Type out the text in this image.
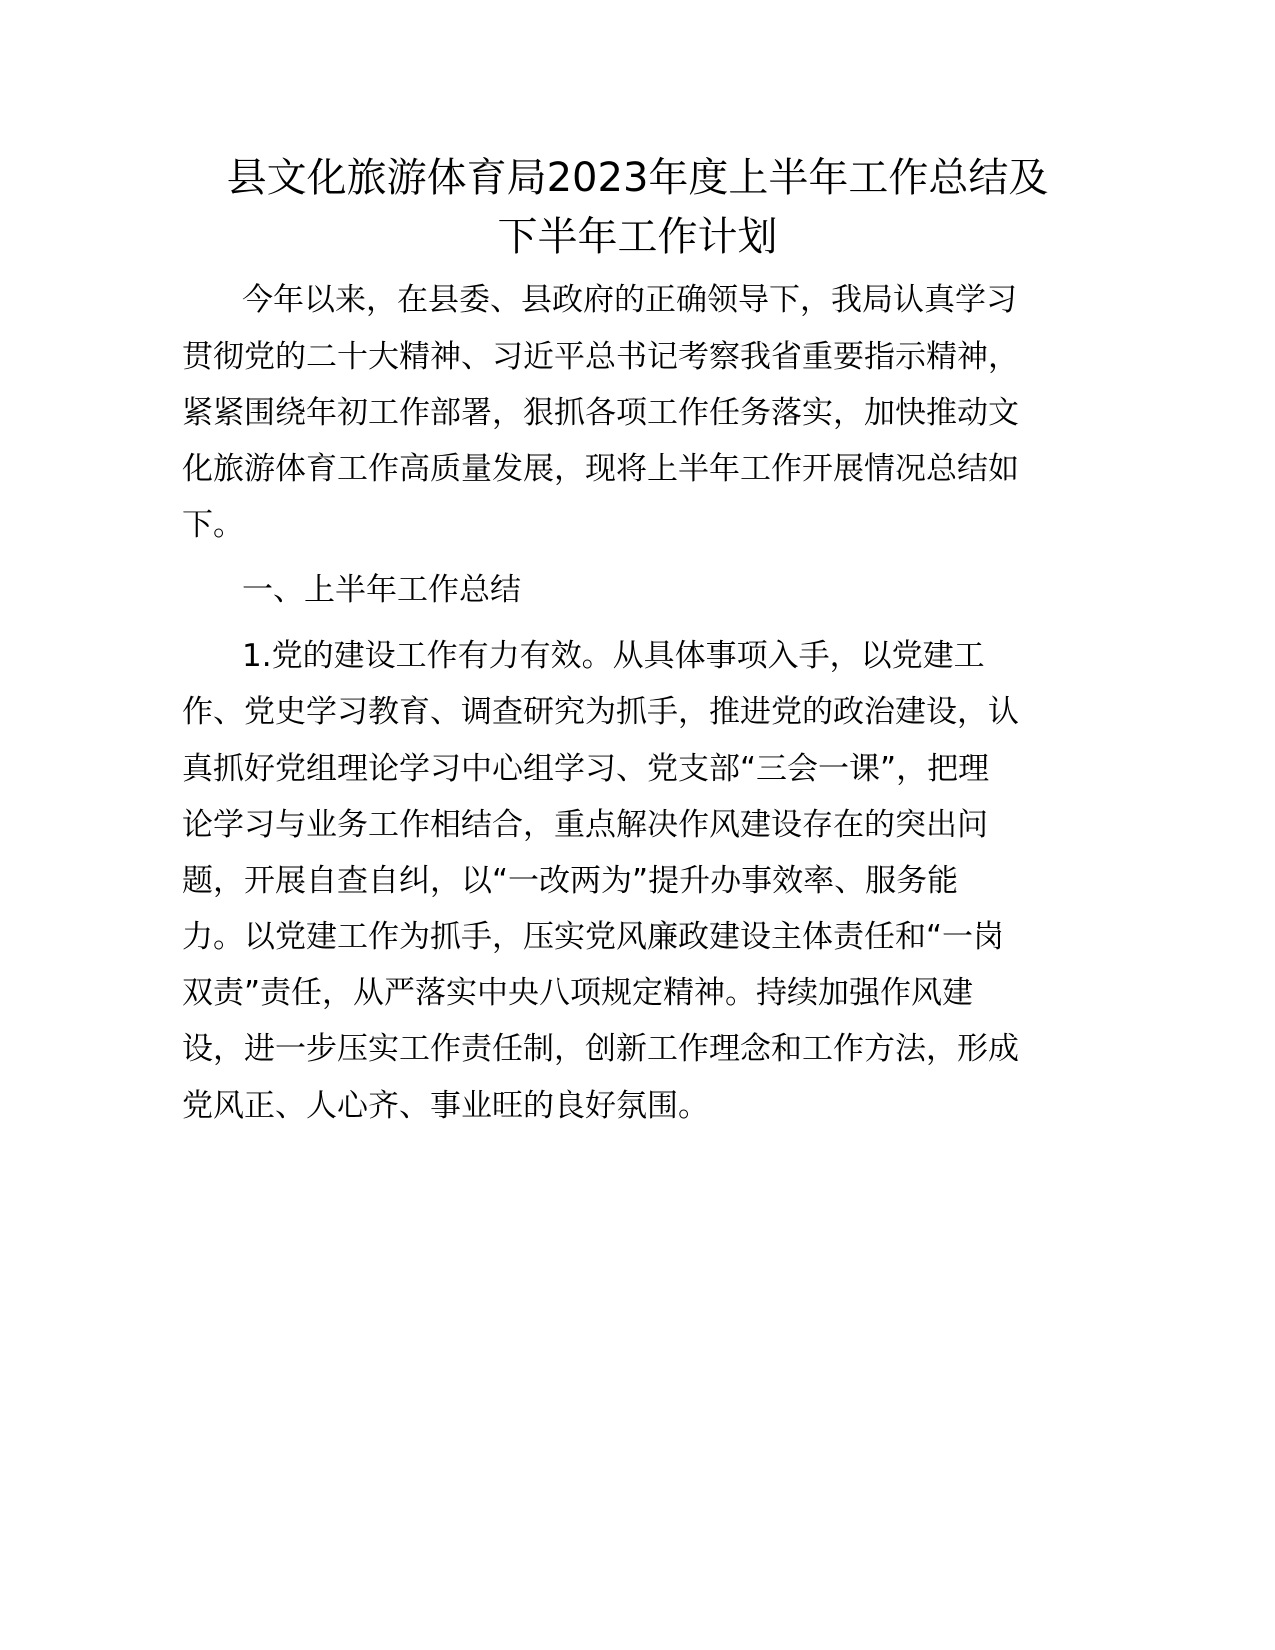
县文化旅游体育局2023年度上半年工作总结及
下半年工作计划

今年以来，在县委、县政府的正确领导下，我局认真学习

贯彻党的二十大精神、习近平总书记考察我省重要指示精神，

紧紧围绕年初工作部署，狠抓各项工作任务落实，加快推动文

化旅游体育工作高质量发展，现将上半年工作开展情况总结如

下。

一、上半年工作总结

1.党的建设工作有力有效。从具体事项入手，以党建工

作、党史学习教育、调查研究为抓手，推进党的政治建设，认

真抓好党组理论学习中心组学习、党支部“三会一课”，把理

论学习与业务工作相结合，重点解决作风建设存在的突出问

题，开展自查自纠，以“一改两为”提升办事效率、服务能

力。以党建工作为抓手，压实党风廉政建设主体责任和“一岗

双责”责任，从严落实中央八项规定精神。持续加强作风建

设，进一步压实工作责任制，创新工作理念和工作方法，形成

党风正、人心齐、事业旺的良好氛围。
